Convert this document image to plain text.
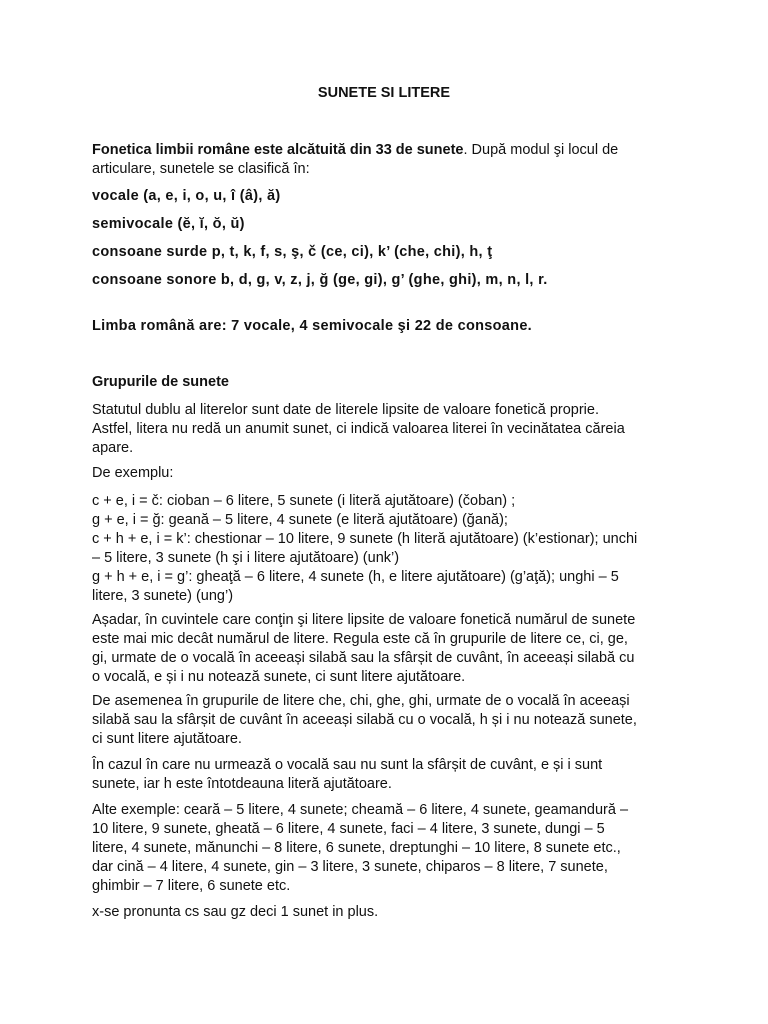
SUNETE SI LITERE

Fonetica limbii române este alcătuită din 33 de sunete. După modul şi locul de
articulare, sunetele se clasifică în:

vocale (a, e, i, o, u, î (â), ă)

semivocale (ĕ, ĭ, ŏ, ŭ)

consoane surde p, t, k, f, s, ş, č (ce, ci), k’ (che, chi), h, ţ

consoane sonore b, d, g, v, z, j, ğ (ge, gi), g’ (ghe, ghi), m, n, l, r.

Limba română are: 7 vocale, 4 semivocale şi 22 de consoane.

Grupurile de sunete

Statutul dublu al literelor sunt date de literele lipsite de valoare fonetică proprie.
Astfel, litera nu redă un anumit sunet, ci indică valoarea literei în vecinătatea căreia
apare.

De exemplu:

c + e, i = č: cioban – 6 litere, 5 sunete (i literă ajutătoare) (čoban) ;
g + e, i = ğ: geană – 5 litere, 4 sunete (e literă ajutătoare) (ğană);
c + h + e, i = k’: chestionar – 10 litere, 9 sunete (h literă ajutătoare) (k’estionar); unchi
– 5 litere, 3 sunete (h şi i litere ajutătoare) (unk’)
g + h + e, i = g’: gheaţă – 6 litere, 4 sunete (h, e litere ajutătoare) (g’aţă); unghi – 5
litere, 3 sunete) (ung’)

Așadar, în cuvintele care conţin şi litere lipsite de valoare fonetică numărul de sunete
este mai mic decât numărul de litere. Regula este că în grupurile de litere ce, ci, ge,
gi, urmate de o vocală în aceeași silabă sau la sfârșit de cuvânt, în aceeași silabă cu
o vocală, e și i nu notează sunete, ci sunt litere ajutătoare.

De asemenea în grupurile de litere che, chi, ghe, ghi, urmate de o vocală în aceeași
silabă sau la sfârșit de cuvânt în aceeași silabă cu o vocală, h și i nu notează sunete,
ci sunt litere ajutătoare.

În cazul în care nu urmează o vocală sau nu sunt la sfârșit de cuvânt, e și i sunt
sunete, iar h este întotdeauna literă ajutătoare.

Alte exemple: ceară – 5 litere, 4 sunete; cheamă – 6 litere, 4 sunete, geamandură –
10 litere, 9 sunete, gheată – 6 litere, 4 sunete, faci – 4 litere, 3 sunete, dungi – 5
litere, 4 sunete, mănunchi – 8 litere, 6 sunete, dreptunghi – 10 litere, 8 sunete etc.,
dar cină – 4 litere, 4 sunete, gin – 3 litere, 3 sunete, chiparos – 8 litere, 7 sunete,
ghimbir – 7 litere, 6 sunete etc.

x-se pronunta cs sau gz deci 1 sunet in plus.
